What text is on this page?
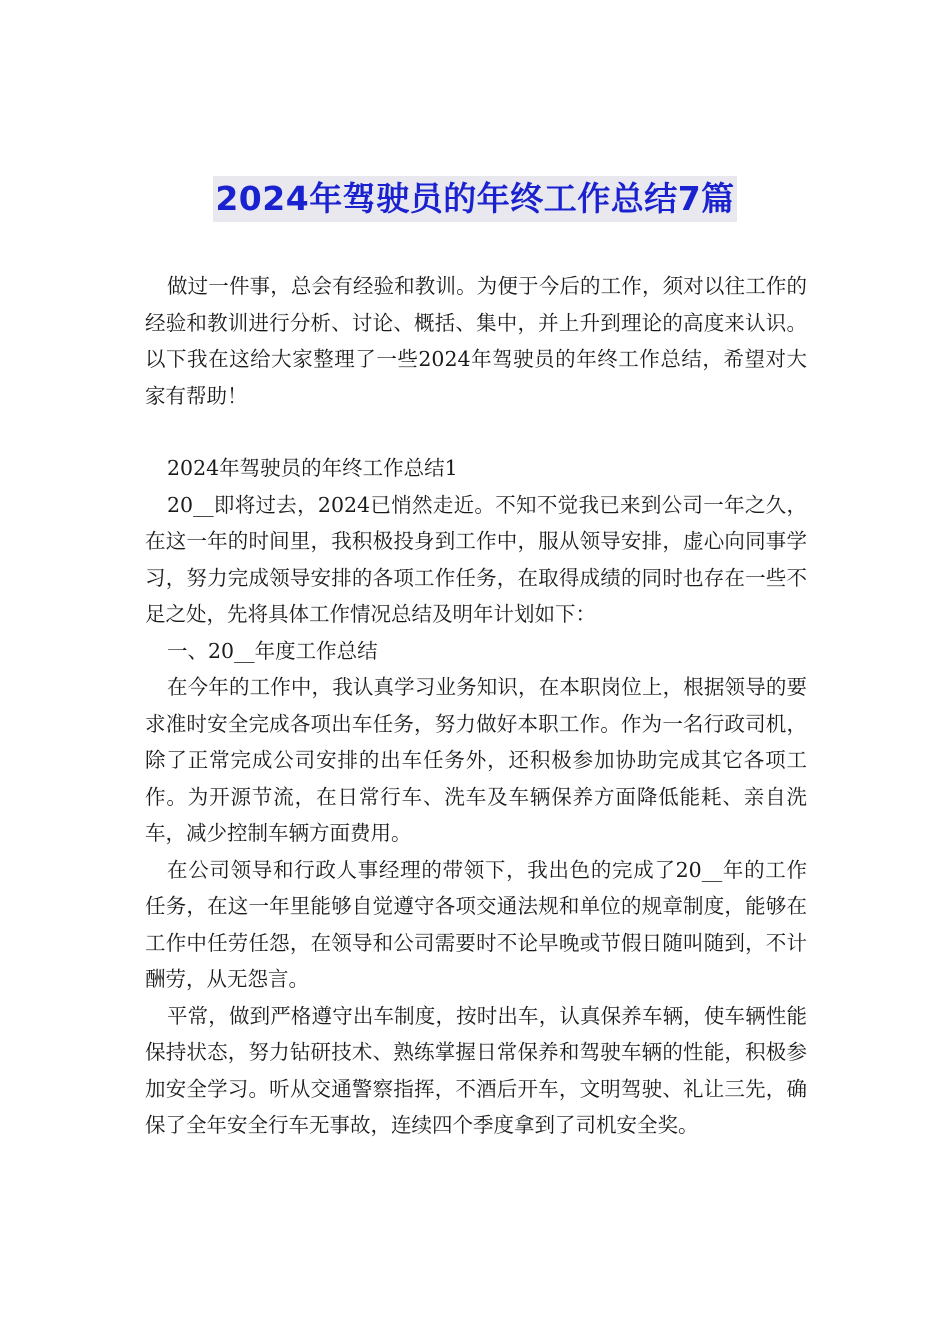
2024年驾驶员的年终工作总结7篇

做过一件事，总会有经验和教训。为便于今后的工作，须对以往工作的经验和教训进行分析、讨论、概括、集中，并上升到理论的高度来认识。以下我在这给大家整理了一些2024年驾驶员的年终工作总结，希望对大家有帮助！

2024年驾驶员的年终工作总结1

20__即将过去，2024已悄然走近。不知不觉我已来到公司一年之久，在这一年的时间里，我积极投身到工作中，服从领导安排，虚心向同事学习，努力完成领导安排的各项工作任务，在取得成绩的同时也存在一些不足之处，先将具体工作情况总结及明年计划如下：

一、20__年度工作总结

在今年的工作中，我认真学习业务知识，在本职岗位上，根据领导的要求准时安全完成各项出车任务，努力做好本职工作。作为一名行政司机，除了正常完成公司安排的出车任务外，还积极参加协助完成其它各项工作。为开源节流，在日常行车、洗车及车辆保养方面降低能耗、亲自洗车，减少控制车辆方面费用。

在公司领导和行政人事经理的带领下，我出色的完成了20__年的工作任务，在这一年里能够自觉遵守各项交通法规和单位的规章制度，能够在工作中任劳任怨，在领导和公司需要时不论早晚或节假日随叫随到，不计酬劳，从无怨言。

平常，做到严格遵守出车制度，按时出车，认真保养车辆，使车辆性能保持状态，努力钻研技术、熟练掌握日常保养和驾驶车辆的性能，积极参加安全学习。听从交通警察指挥，不酒后开车，文明驾驶、礼让三先，确保了全年安全行车无事故，连续四个季度拿到了司机安全奖。
